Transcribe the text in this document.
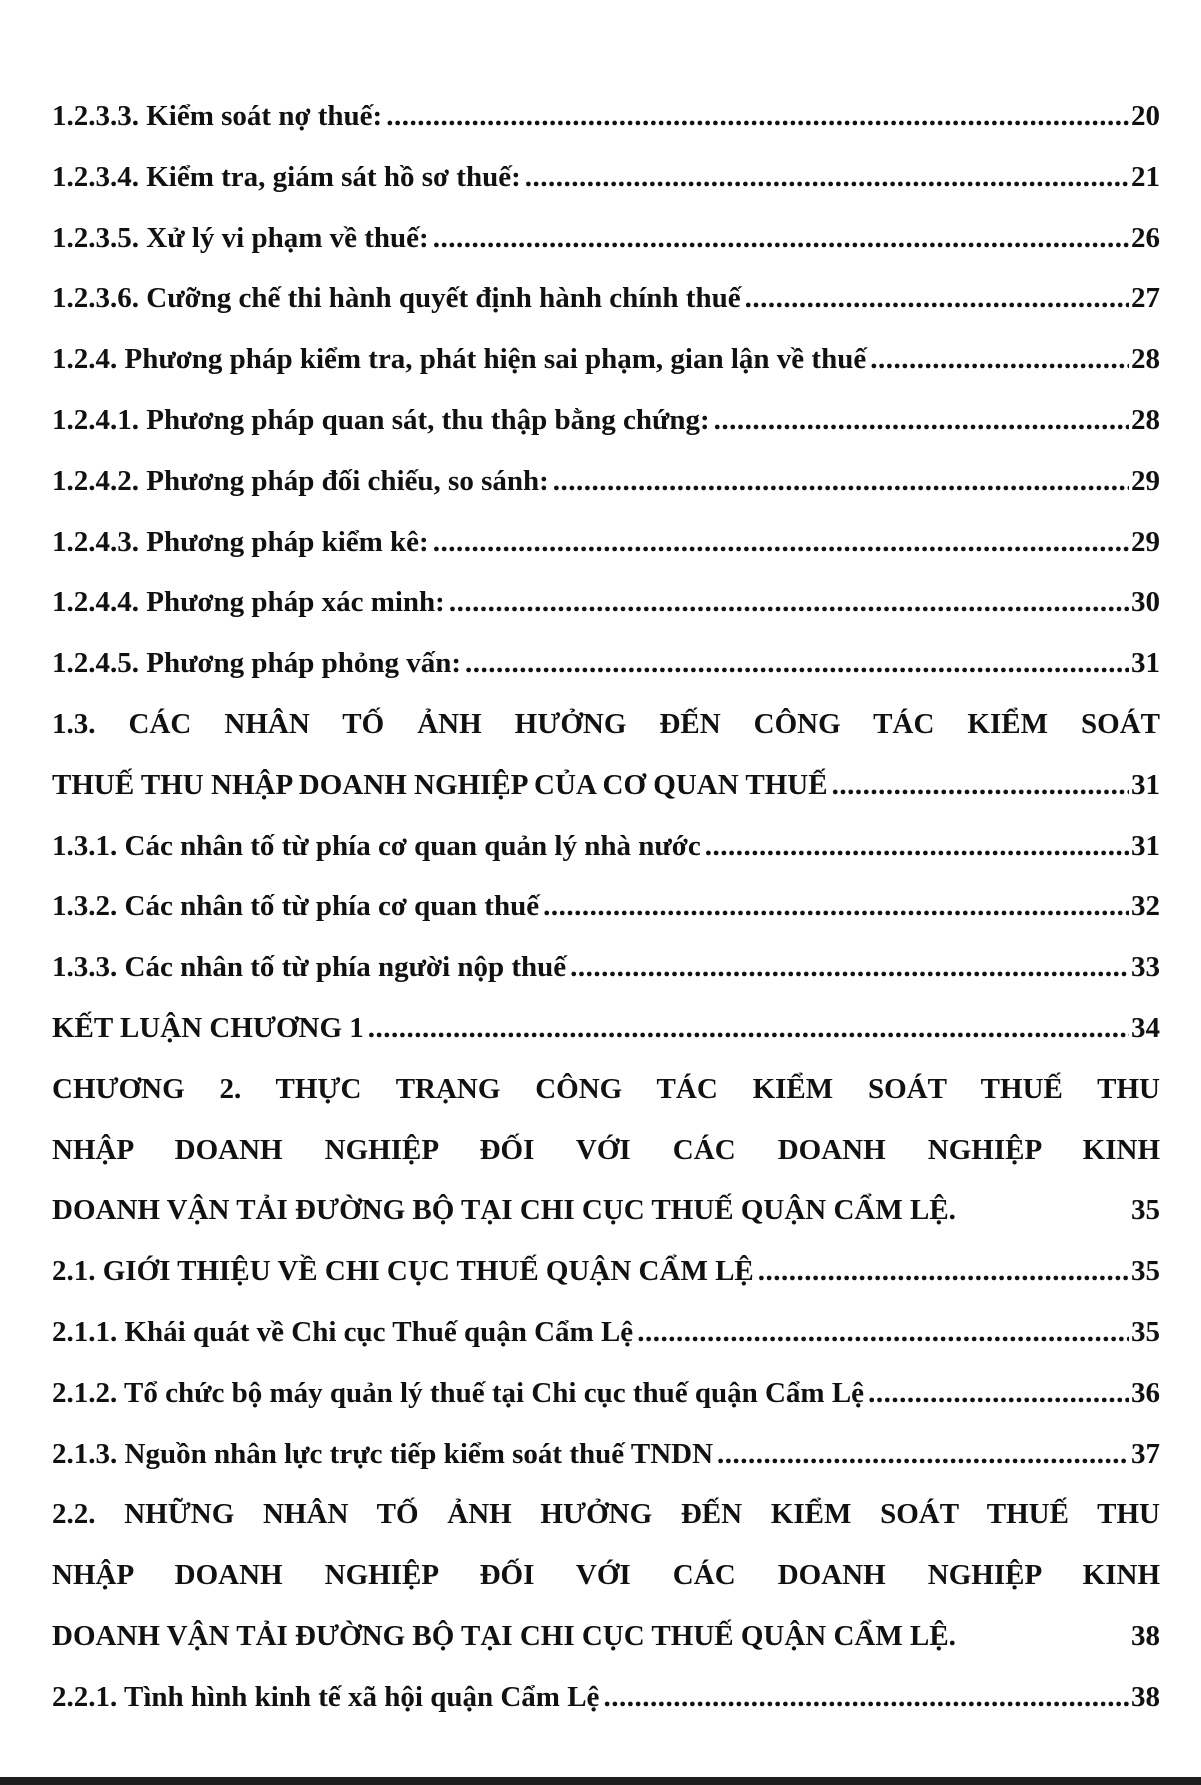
1.2.3.3. Kiểm soát nợ thuế: .....	20
1.2.3.4. Kiểm tra, giám sát hồ sơ thuế: .....	21
1.2.3.5. Xử lý vi phạm về thuế: .....	26
1.2.3.6. Cưỡng chế thi hành quyết định hành chính thuế .....	27
1.2.4. Phương pháp kiểm tra, phát hiện sai phạm, gian lận về thuế .....	28
1.2.4.1. Phương pháp quan sát, thu thập bằng chứng: .....	28
1.2.4.2. Phương pháp đối chiếu, so sánh: .....	29
1.2.4.3. Phương pháp kiểm kê: .....	29
1.2.4.4. Phương pháp xác minh: .....	30
1.2.4.5. Phương pháp phỏng vấn: .....	31
1.3. CÁC NHÂN TỐ ẢNH HƯỞNG ĐẾN CÔNG TÁC KIỂM SOÁT
THUẾ THU NHẬP DOANH NGHIỆP CỦA CƠ QUAN THUẾ .....	31
1.3.1. Các nhân tố từ phía cơ quan quản lý nhà nước .....	31
1.3.2. Các nhân tố từ phía cơ quan thuế .....	32
1.3.3. Các nhân tố từ phía người nộp thuế .....	33
KẾT LUẬN CHƯƠNG 1 .....	34
CHƯƠNG 2. THỰC TRẠNG CÔNG TÁC KIỂM SOÁT THUẾ THU
NHẬP DOANH NGHIỆP ĐỐI VỚI CÁC DOANH NGHIỆP KINH
DOANH VẬN TẢI ĐƯỜNG BỘ TẠI CHI CỤC THUẾ QUẬN CẨM LỆ.	35
2.1. GIỚI THIỆU VỀ CHI CỤC THUẾ QUẬN CẨM LỆ .....	35
2.1.1. Khái quát về Chi cục Thuế quận Cẩm Lệ .....	35
2.1.2. Tổ chức bộ máy quản lý thuế tại Chi cục thuế quận Cẩm Lệ .....	36
2.1.3. Nguồn nhân lực trực tiếp kiểm soát thuế TNDN .....	37
2.2. NHỮNG NHÂN TỐ ẢNH HƯỞNG ĐẾN KIỂM SOÁT THUẾ THU
NHẬP DOANH NGHIỆP ĐỐI VỚI CÁC DOANH NGHIỆP KINH
DOANH VẬN TẢI ĐƯỜNG BỘ TẠI CHI CỤC THUẾ QUẬN CẨM LỆ.	38
2.2.1. Tình hình kinh tế xã hội quận Cẩm Lệ .....	38
